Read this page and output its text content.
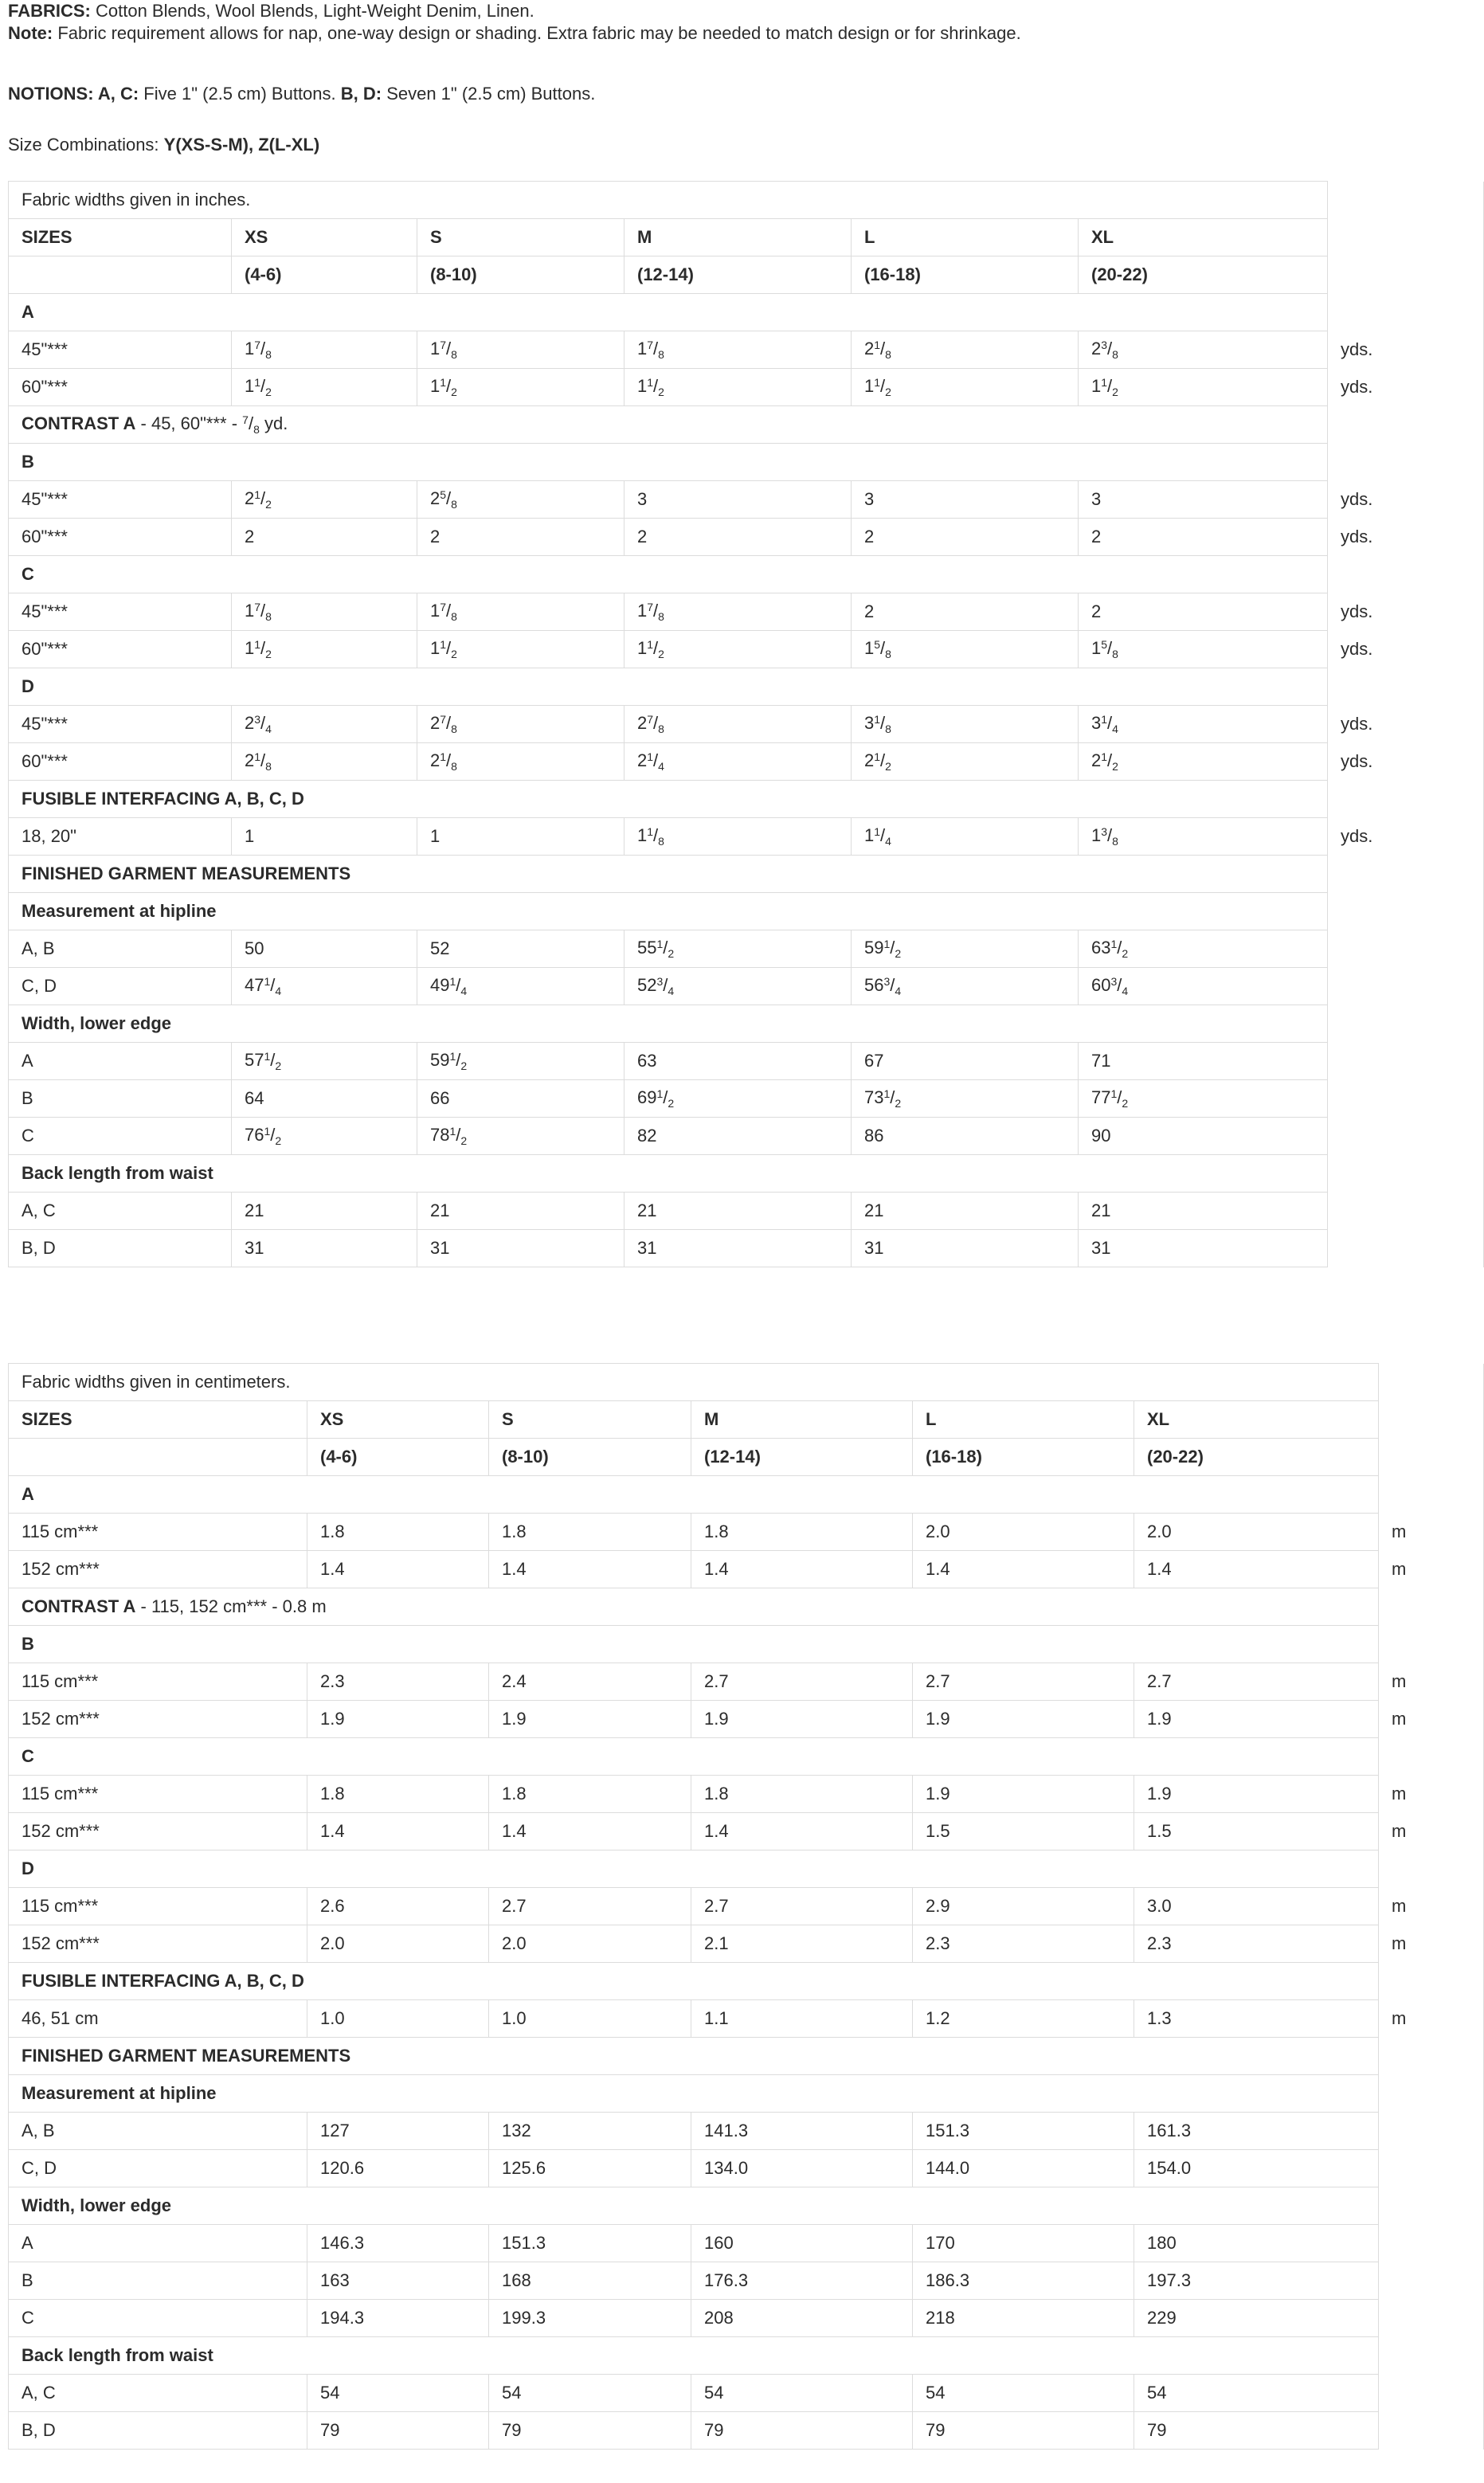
FABRICS: Cotton Blends, Wool Blends, Light-Weight Denim, Linen.

Note: Fabric requirement allows for nap, one-way design or shading. Extra fabric may be needed to match design or for shrinkage.

NOTIONS: A, C: Five 1" (2.5 cm) Buttons. B, D: Seven 1" (2.5 cm) Buttons.

Size Combinations: Y(XS-S-M), Z(L-XL)

Fabric widths given in inches.							
SIZES	XS	S	M	L	XL		
	(4-6)	(8-10)	(12-14)	(16-18)	(20-22)		
A							
45"***	$1^7/_8$	$1^7/_8$	$1^7/_8$	$2^1/_8$	$2^3/_8$	yds.	
60"***	$1^1/_2$	$1^1/_2$	$1^1/_2$	$1^1/_2$	$1^1/_2$	yds.	
CONTRAST A - 45, 60"*** - $^7/_8$ yd.							
B							
45"***	$2^1/_2$	$2^5/_8$	3	3	3	yds.	
60"***	2	2	2	2	2	yds.	
C							
45"***	$1^7/_8$	$1^7/_8$	$1^7/_8$	2	2	yds.	
60"***	$1^1/_2$	$1^1/_2$	$1^1/_2$	$1^5/_8$	$1^5/_8$	yds.	
D							
45"***	$2^3/_4$	$2^7/_8$	$2^7/_8$	$3^1/_8$	$3^1/_4$	yds.	
60"***	$2^1/_8$	$2^1/_8$	$2^1/_4$	$2^1/_2$	$2^1/_2$	yds.	
FUSIBLE INTERFACING A, B, C, D							
18, 20"	1	1	$1^1/_8$	$1^1/_4$	$1^3/_8$	yds.	
FINISHED GARMENT MEASUREMENTS							
Measurement at hipline							
A, B	50	52	$55^1/_2$	$59^1/_2$	$63^1/_2$	
C, D	$47^1/_4$	$49^1/_4$	$52^3/_4$	$56^3/_4$	$60^3/_4$	
Width, lower edge							
A	$57^1/_2$	$59^1/_2$	63	67	71		
B	64	66	$69^1/_2$	$73^1/_2$	$77^1/_2$	
C	$76^1/_2$	$78^1/_2$	82	86	90		
Back length from waist							
A, C	21	21	21	21	21		
B, D	31	31	31	31	31		
Fabric widths given in centimeters.							
SIZES	XS	S	M	L	XL		
	(4-6)	(8-10)	(12-14)	(16-18)	(20-22)		
A							
115 cm***	1.8	1.8	1.8	2.0	2.0	m	
152 cm***	1.4	1.4	1.4	1.4	1.4	m	
CONTRAST A - 115, 152 cm*** - 0.8 m							
B							
115 cm***	2.3	2.4	2.7	2.7	2.7	m	
152 cm***	1.9	1.9	1.9	1.9	1.9	m	
C							
115 cm***	1.8	1.8	1.8	1.9	1.9	m	
152 cm***	1.4	1.4	1.4	1.5	1.5	m	
D							
115 cm***	2.6	2.7	2.7	2.9	3.0	m	
152 cm***	2.0	2.0	2.1	2.3	2.3	m	
FUSIBLE INTERFACING A, B, C, D							
46, 51 cm	1.0	1.0	1.1	1.2	1.3	m	
FINISHED GARMENT MEASUREMENTS							
Measurement at hipline							
A, B	127	132	141.3	151.3	161.3		
C, D	120.6	125.6	134.0	144.0	154.0		
Width, lower edge							
A	146.3	151.3	160	170	180		
B	163	168	176.3	186.3	197.3		
C	194.3	199.3	208	218	229		
Back length from waist							
A, C	54	54	54	54	54		
B, D	79	79	79	79	79		
